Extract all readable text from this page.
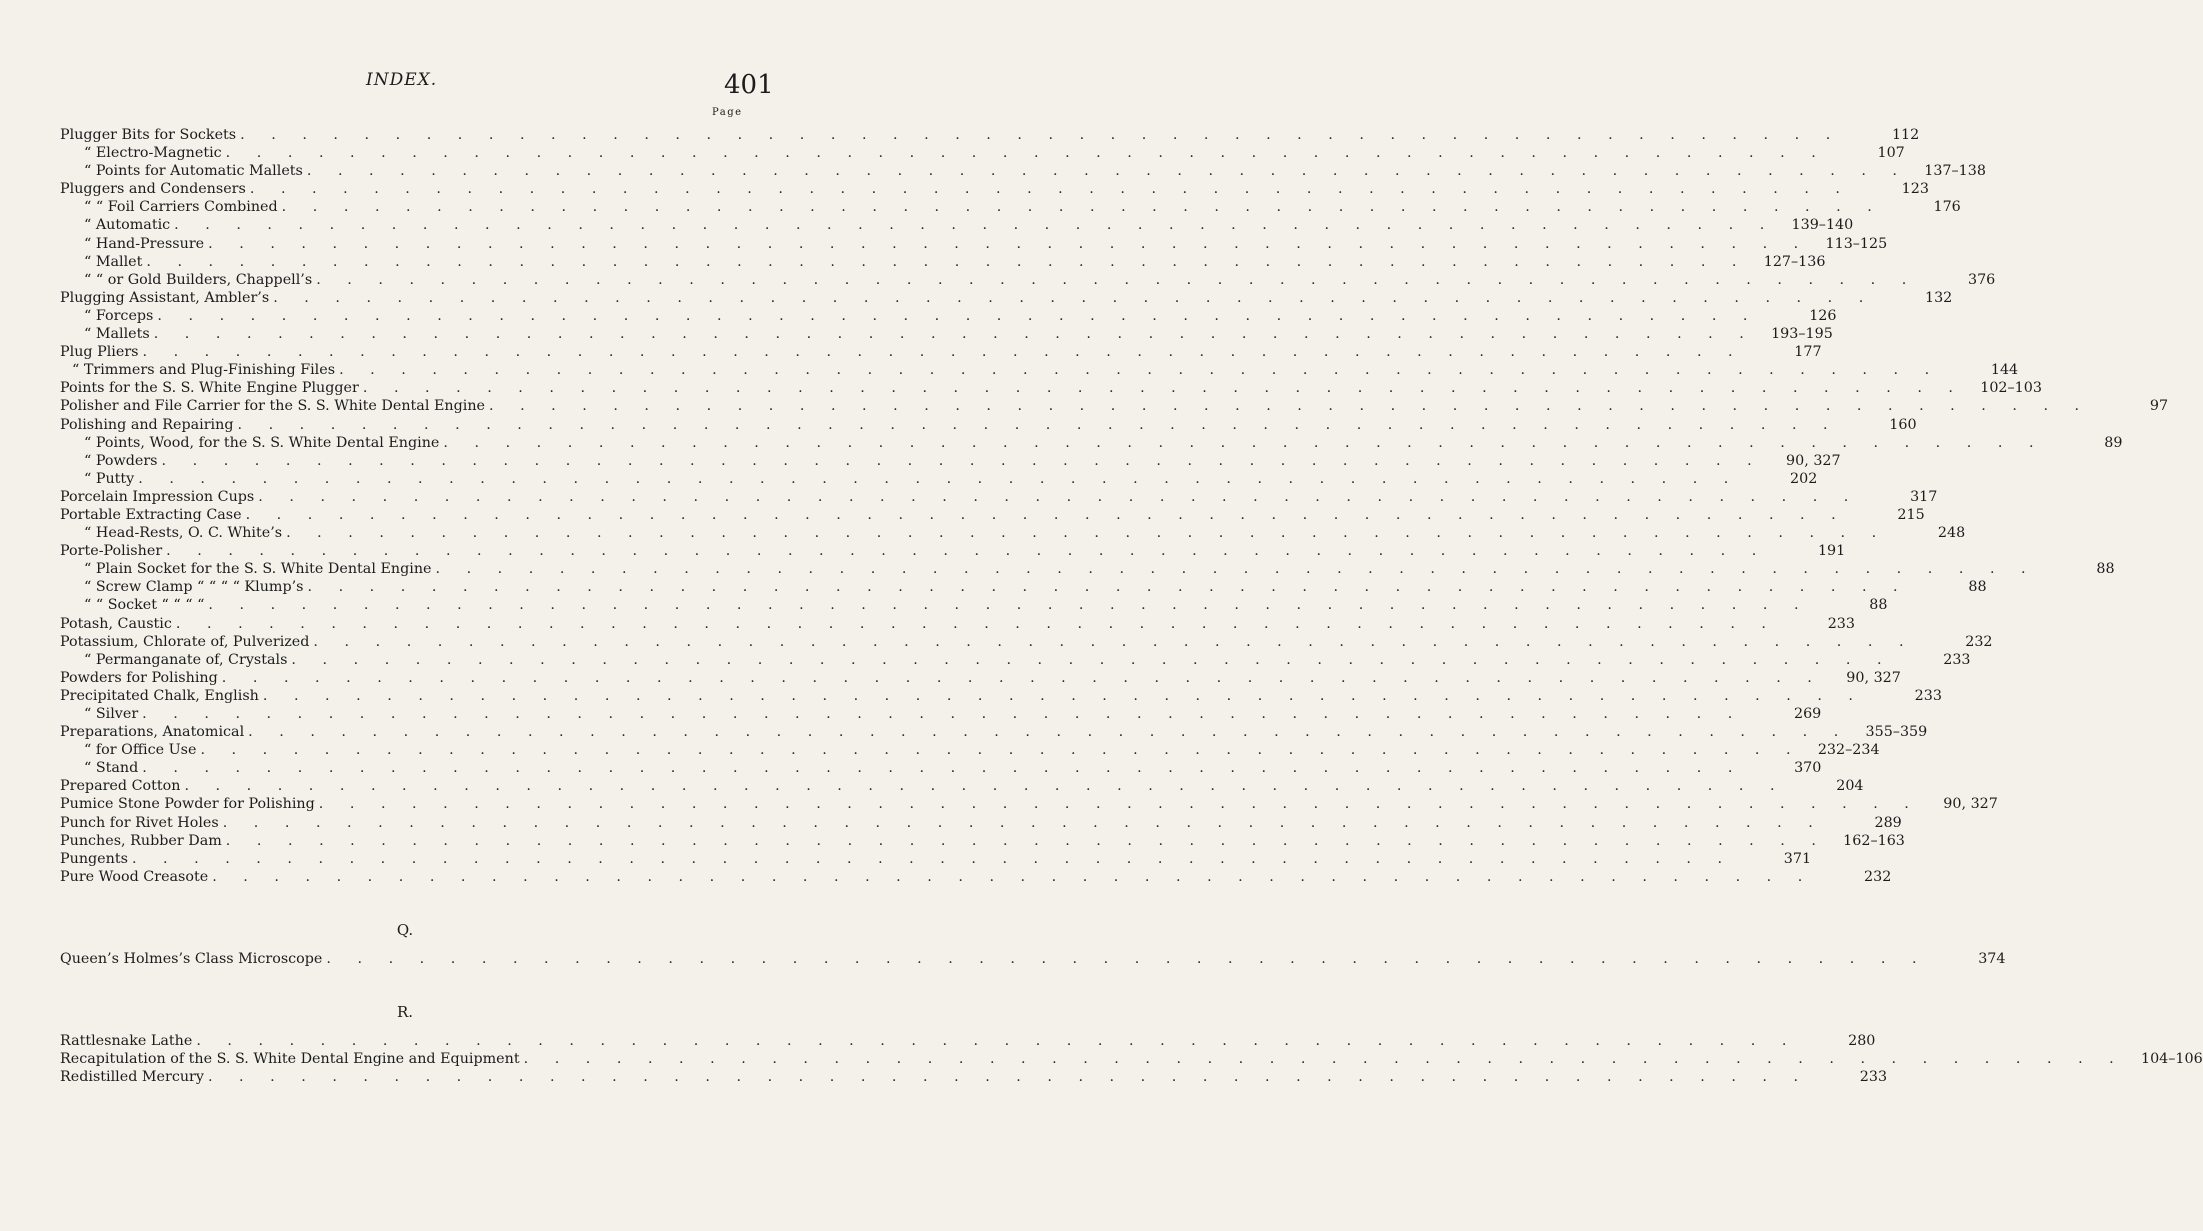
INDEX.	401
Page
Plugger Bits for Sockets . . . . . . . . . . . . . . . . . . . . . . . . . . . . . . . . . . . . . . . . . . . . . . . . . . . .	112
“ Electro-Magnetic . . . . . . . . . . . . . . . . . . . . . . . . . . . . . . . . . . . . . . . . . . . . . . . . . . . .	107
“ Points for Automatic Mallets . . . . . . . . . . . . . . . . . . . . . . . . . . . . . . . . . . . . . . . . . . . . . . . . . . . .	137–138
Pluggers and Condensers . . . . . . . . . . . . . . . . . . . . . . . . . . . . . . . . . . . . . . . . . . . . . . . . . . . .	123
“ “ Foil Carriers Combined . . . . . . . . . . . . . . . . . . . . . . . . . . . . . . . . . . . . . . . . . . . . . . . . . . . .	176
“ Automatic . . . . . . . . . . . . . . . . . . . . . . . . . . . . . . . . . . . . . . . . . . . . . . . . . . . .	139–140
“ Hand-Pressure . . . . . . . . . . . . . . . . . . . . . . . . . . . . . . . . . . . . . . . . . . . . . . . . . . . .	113–125
“ Mallet . . . . . . . . . . . . . . . . . . . . . . . . . . . . . . . . . . . . . . . . . . . . . . . . . . . .	127–136
“ “ or Gold Builders, Chappell’s . . . . . . . . . . . . . . . . . . . . . . . . . . . . . . . . . . . . . . . . . . . . . . . . . . . .	376
Plugging Assistant, Ambler’s . . . . . . . . . . . . . . . . . . . . . . . . . . . . . . . . . . . . . . . . . . . . . . . . . . . .	132
“ Forceps . . . . . . . . . . . . . . . . . . . . . . . . . . . . . . . . . . . . . . . . . . . . . . . . . . . .	126
“ Mallets . . . . . . . . . . . . . . . . . . . . . . . . . . . . . . . . . . . . . . . . . . . . . . . . . . . .	193–195
Plug Pliers . . . . . . . . . . . . . . . . . . . . . . . . . . . . . . . . . . . . . . . . . . . . . . . . . . . .	177
“ Trimmers and Plug-Finishing Files . . . . . . . . . . . . . . . . . . . . . . . . . . . . . . . . . . . . . . . . . . . . . . . . . . . .	144
Points for the S. S. White Engine Plugger . . . . . . . . . . . . . . . . . . . . . . . . . . . . . . . . . . . . . . . . . . . . . . . . . . . .	102–103
Polisher and File Carrier for the S. S. White Dental Engine . . . . . . . . . . . . . . . . . . . . . . . . . . . . . . . . . . . . . . . . . . . . . . . . . . . .	97
Polishing and Repairing . . . . . . . . . . . . . . . . . . . . . . . . . . . . . . . . . . . . . . . . . . . . . . . . . . . .	160
“ Points, Wood, for the S. S. White Dental Engine . . . . . . . . . . . . . . . . . . . . . . . . . . . . . . . . . . . . . . . . . . . . . . . . . . . .	89
“ Powders . . . . . . . . . . . . . . . . . . . . . . . . . . . . . . . . . . . . . . . . . . . . . . . . . . . .	90, 327
“ Putty . . . . . . . . . . . . . . . . . . . . . . . . . . . . . . . . . . . . . . . . . . . . . . . . . . . .	202
Porcelain Impression Cups . . . . . . . . . . . . . . . . . . . . . . . . . . . . . . . . . . . . . . . . . . . . . . . . . . . .	317
Portable Extracting Case . . . . . . . . . . . . . . . . . . . . . . . . . . . . . . . . . . . . . . . . . . . . . . . . . . . .	215
“ Head-Rests, O. C. White’s . . . . . . . . . . . . . . . . . . . . . . . . . . . . . . . . . . . . . . . . . . . . . . . . . . . .	248
Porte-Polisher . . . . . . . . . . . . . . . . . . . . . . . . . . . . . . . . . . . . . . . . . . . . . . . . . . . .	191
“ Plain Socket for the S. S. White Dental Engine . . . . . . . . . . . . . . . . . . . . . . . . . . . . . . . . . . . . . . . . . . . . . . . . . . . .	88
“ Screw Clamp “ “ “ “ Klump’s . . . . . . . . . . . . . . . . . . . . . . . . . . . . . . . . . . . . . . . . . . . . . . . . . . . .	88
“ “ Socket “ “ “ “ . . . . . . . . . . . . . . . . . . . . . . . . . . . . . . . . . . . . . . . . . . . . . . . . . . . .	88
Potash, Caustic . . . . . . . . . . . . . . . . . . . . . . . . . . . . . . . . . . . . . . . . . . . . . . . . . . . .	233
Potassium, Chlorate of, Pulverized . . . . . . . . . . . . . . . . . . . . . . . . . . . . . . . . . . . . . . . . . . . . . . . . . . . .	232
“ Permanganate of, Crystals . . . . . . . . . . . . . . . . . . . . . . . . . . . . . . . . . . . . . . . . . . . . . . . . . . . .	233
Powders for Polishing . . . . . . . . . . . . . . . . . . . . . . . . . . . . . . . . . . . . . . . . . . . . . . . . . . . .	90, 327
Precipitated Chalk, English . . . . . . . . . . . . . . . . . . . . . . . . . . . . . . . . . . . . . . . . . . . . . . . . . . . .	233
“ Silver . . . . . . . . . . . . . . . . . . . . . . . . . . . . . . . . . . . . . . . . . . . . . . . . . . . .	269
Preparations, Anatomical . . . . . . . . . . . . . . . . . . . . . . . . . . . . . . . . . . . . . . . . . . . . . . . . . . . .	355–359
“ for Office Use . . . . . . . . . . . . . . . . . . . . . . . . . . . . . . . . . . . . . . . . . . . . . . . . . . . .	232–234
“ Stand . . . . . . . . . . . . . . . . . . . . . . . . . . . . . . . . . . . . . . . . . . . . . . . . . . . .	370
Prepared Cotton . . . . . . . . . . . . . . . . . . . . . . . . . . . . . . . . . . . . . . . . . . . . . . . . . . . .	204
Pumice Stone Powder for Polishing . . . . . . . . . . . . . . . . . . . . . . . . . . . . . . . . . . . . . . . . . . . . . . . . . . . .	90, 327
Punch for Rivet Holes . . . . . . . . . . . . . . . . . . . . . . . . . . . . . . . . . . . . . . . . . . . . . . . . . . . .	289
Punches, Rubber Dam . . . . . . . . . . . . . . . . . . . . . . . . . . . . . . . . . . . . . . . . . . . . . . . . . . . .	162–163
Pungents . . . . . . . . . . . . . . . . . . . . . . . . . . . . . . . . . . . . . . . . . . . . . . . . . . . .	371
Pure Wood Creasote . . . . . . . . . . . . . . . . . . . . . . . . . . . . . . . . . . . . . . . . . . . . . . . . . . . .	232
Q.
Queen’s Holmes’s Class Microscope . . . . . . . . . . . . . . . . . . . . . . . . . . . . . . . . . . . . . . . . . . . . . . . . . . . .	374
R.
Rattlesnake Lathe . . . . . . . . . . . . . . . . . . . . . . . . . . . . . . . . . . . . . . . . . . . . . . . . . . . .	280
Recapitulation of the S. S. White Dental Engine and Equipment . . . . . . . . . . . . . . . . . . . . . . . . . . . . . . . . . . . . . . . . . . . . . . . . . . . .	104–106
Redistilled Mercury . . . . . . . . . . . . . . . . . . . . . . . . . . . . . . . . . . . . . . . . . . . . . . . . . . . .	233
